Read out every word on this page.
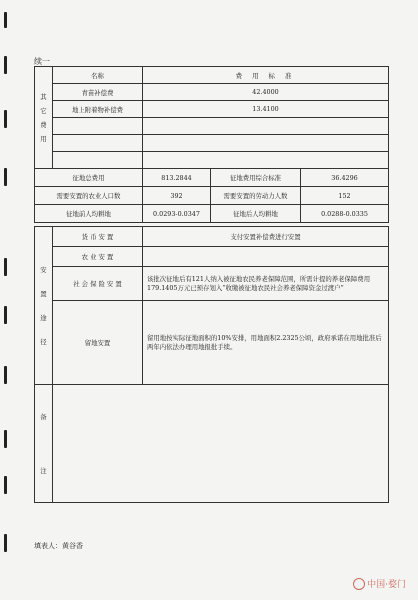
续一
其
它
费
用	名称	费 用 标 准		
	青苗补偿费	42.4000		
	地上附着物补偿费	13.4100		

征地总费用		813.2844	征地费用综合标准	36.4296
需要安置的农业人口数		392	需要安置的劳动力人数	152
征地前人均耕地		0.0293-0.0347	征地后人均耕地	0.0288-0.0335

安
置
途
径	货 币 安 置	支付安置补偿费进行安置		
	农 业 安 置			
	社 会 保 险 安 置	该批次征地后有121人纳入被征地农民养老保障范围，所需计提的养老保障费用179.1405万元已预存划入“收缴被征地农民社会养老保障资金过渡户”		
	留地安置	留用地按实际征地面积的10%安排，用地面积2.2325公顷，政府承诺在用地批准后两年内依法办理用地报批手续。		

备
注				

填表人：黄谷香
中国·婺门
